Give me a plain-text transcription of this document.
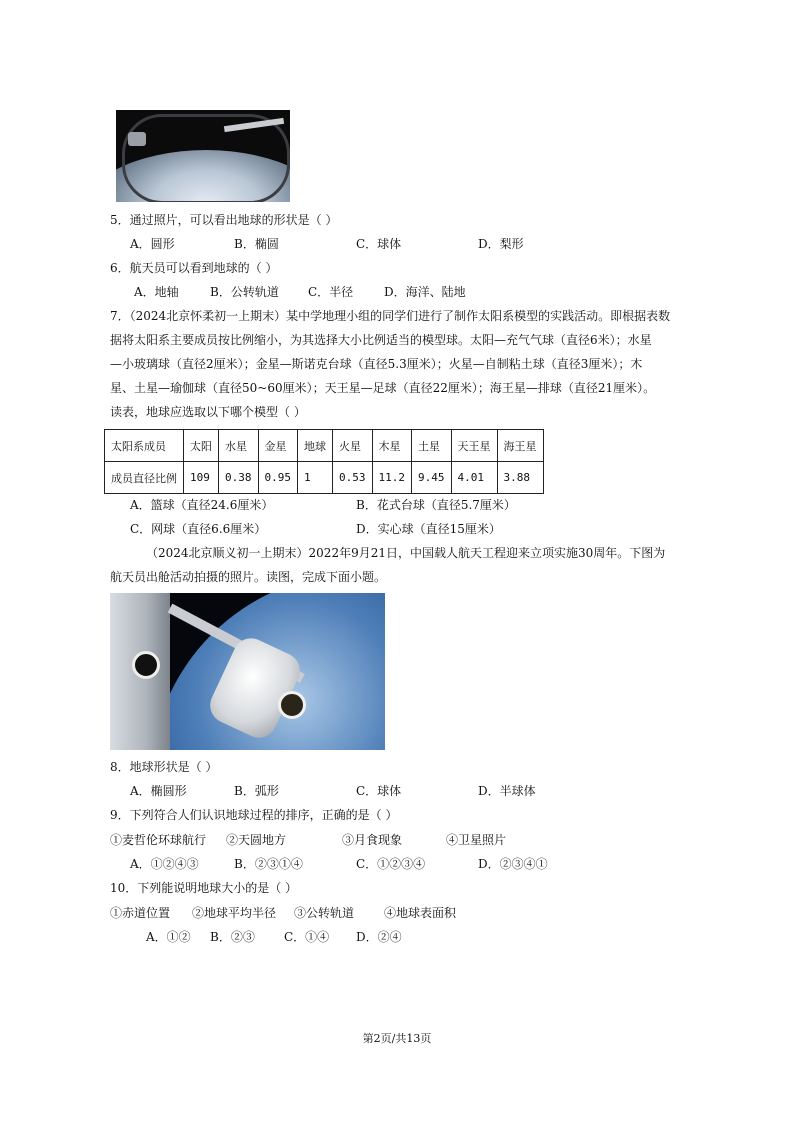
5．通过照片，可以看出地球的形状是（ ）
A．圆形	B．椭圆	C．球体	D．梨形
6．航天员可以看到地球的（ ）
A．地轴	B．公转轨道 C．半径	D．海洋、陆地
7．（2024北京怀柔初一上期末）某中学地理小组的同学们进行了制作太阳系模型的实践活动。即根据表数
据将太阳系主要成员按比例缩小，为其选择大小比例适当的模型球。太阳—充气气球（直径6米）；水星
—小玻璃球（直径2厘米）；金星—斯诺克台球（直径5.3厘米）；火星—自制粘土球（直径3厘米）；木
星、土星—瑜伽球（直径50~60厘米）；天王星—足球（直径22厘米）；海王星—排球（直径21厘米）。
读表，地球应选取以下哪个模型（ ）
太阳系成员	太阳	水星	金星	地球	火星	木星	土星	天王星	海王星
成员直径比例	109	0.38	0.95	1	0.53	11.2	9.45	4.01	3.88
A．篮球（直径24.6厘米）	B．花式台球（直径5.7厘米）
C．网球（直径6.6厘米）	D．实心球（直径15厘米）
（2024北京顺义初一上期末）2022年9月21日，中国载人航天工程迎来立项实施30周年。下图为
航天员出舱活动拍摄的照片。读图，完成下面小题。
8．地球形状是（ ）
A．椭圆形	B．弧形	C．球体	D．半球体
9．下列符合人们认识地球过程的排序，正确的是（ ）
①麦哲伦环球航行 ②天圆地方	③月食现象	④卫星照片
A．①②④③	B．②③①④	C．①②③④	D．②③④①
10．下列能说明地球大小的是（ ）
①赤道位置 ②地球平均半径 ③公转轨道 ④地球表面积
A．①② B．②③ C．①④ D．②④
第2页/共13页
